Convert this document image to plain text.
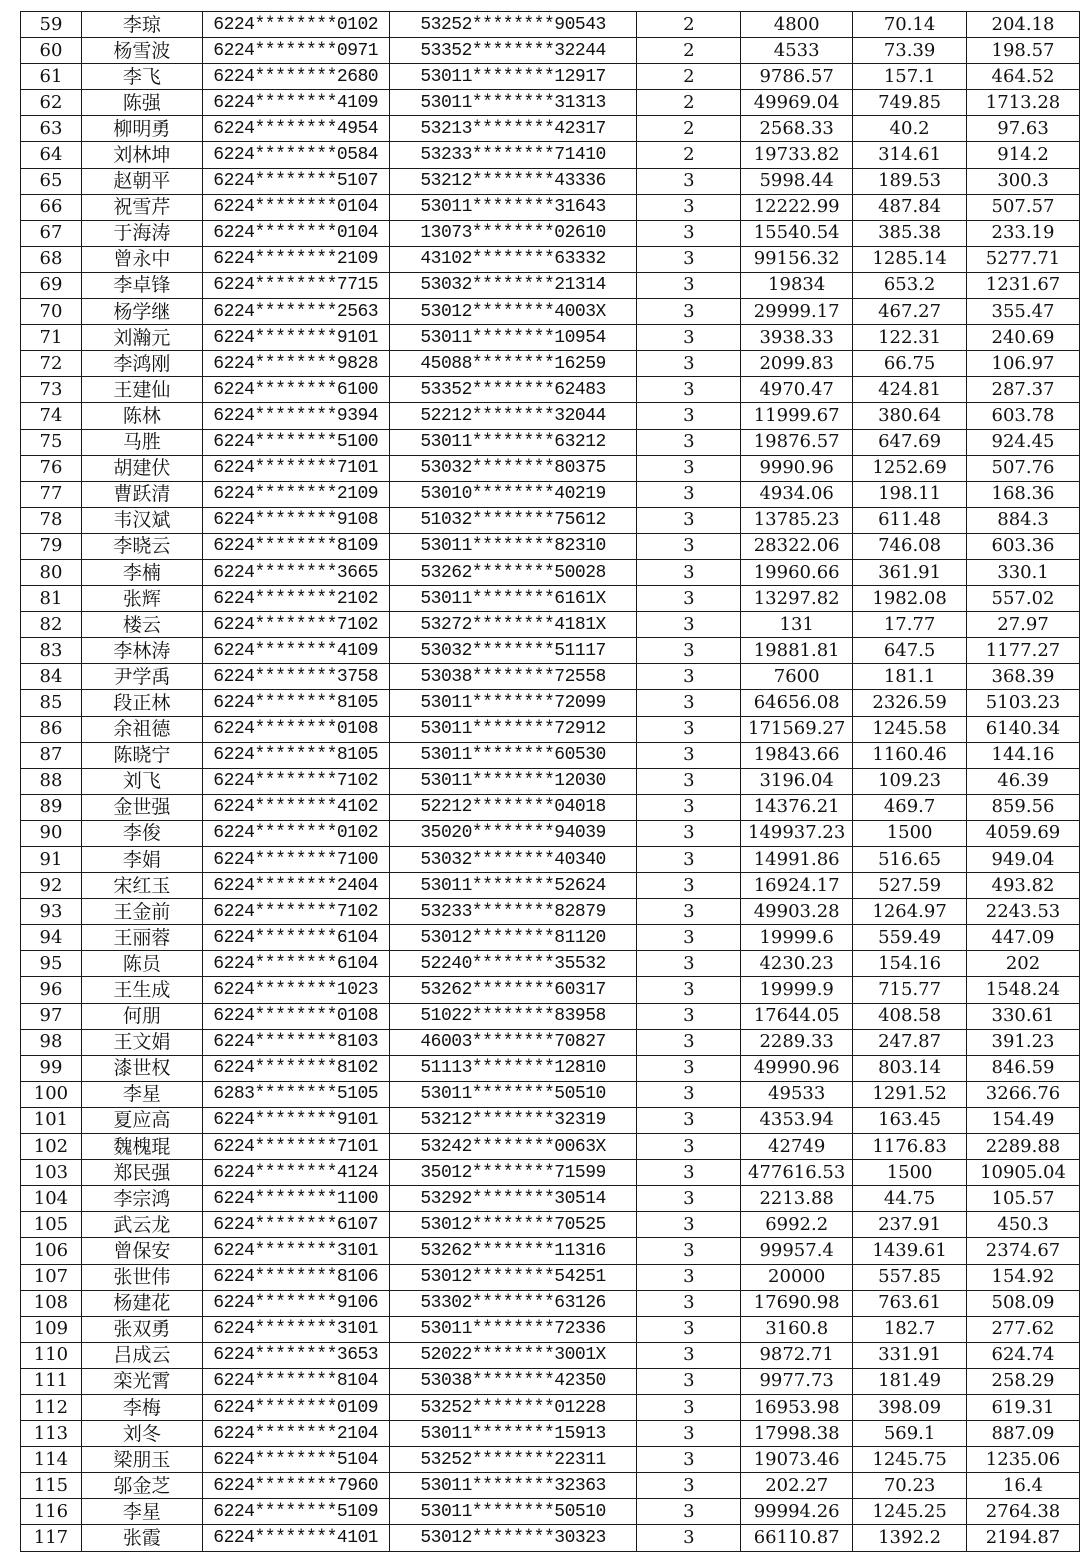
59	李琼	6224********0102	53252********90543	2	4800	70.14	204.18
60	杨雪波	6224********0971	53352********32244	2	4533	73.39	198.57
61	李飞	6224********2680	53011********12917	2	9786.57	157.1	464.52
62	陈强	6224********4109	53011********31313	2	49969.04	749.85	1713.28
63	柳明勇	6224********4954	53213********42317	2	2568.33	40.2	97.63
64	刘林坤	6224********0584	53233********71410	2	19733.82	314.61	914.2
65	赵朝平	6224********5107	53212********43336	3	5998.44	189.53	300.3
66	祝雪芹	6224********0104	53011********31643	3	12222.99	487.84	507.57
67	于海涛	6224********0104	13073********02610	3	15540.54	385.38	233.19
68	曾永中	6224********2109	43102********63332	3	99156.32	1285.14	5277.71
69	李卓锋	6224********7715	53032********21314	3	19834	653.2	1231.67
70	杨学继	6224********2563	53012********4003X	3	29999.17	467.27	355.47
71	刘瀚元	6224********9101	53011********10954	3	3938.33	122.31	240.69
72	李鸿刚	6224********9828	45088********16259	3	2099.83	66.75	106.97
73	王建仙	6224********6100	53352********62483	3	4970.47	424.81	287.37
74	陈林	6224********9394	52212********32044	3	11999.67	380.64	603.78
75	马胜	6224********5100	53011********63212	3	19876.57	647.69	924.45
76	胡建伏	6224********7101	53032********80375	3	9990.96	1252.69	507.76
77	曹跃清	6224********2109	53010********40219	3	4934.06	198.11	168.36
78	韦汉斌	6224********9108	51032********75612	3	13785.23	611.48	884.3
79	李晓云	6224********8109	53011********82310	3	28322.06	746.08	603.36
80	李楠	6224********3665	53262********50028	3	19960.66	361.91	330.1
81	张辉	6224********2102	53011********6161X	3	13297.82	1982.08	557.02
82	楼云	6224********7102	53272********4181X	3	131	17.77	27.97
83	李林涛	6224********4109	53032********51117	3	19881.81	647.5	1177.27
84	尹学禹	6224********3758	53038********72558	3	7600	181.1	368.39
85	段正林	6224********8105	53011********72099	3	64656.08	2326.59	5103.23
86	余祖德	6224********0108	53011********72912	3	171569.27	1245.58	6140.34
87	陈晓宁	6224********8105	53011********60530	3	19843.66	1160.46	144.16
88	刘飞	6224********7102	53011********12030	3	3196.04	109.23	46.39
89	金世强	6224********4102	52212********04018	3	14376.21	469.7	859.56
90	李俊	6224********0102	35020********94039	3	149937.23	1500	4059.69
91	李娟	6224********7100	53032********40340	3	14991.86	516.65	949.04
92	宋红玉	6224********2404	53011********52624	3	16924.17	527.59	493.82
93	王金前	6224********7102	53233********82879	3	49903.28	1264.97	2243.53
94	王丽蓉	6224********6104	53012********81120	3	19999.6	559.49	447.09
95	陈员	6224********6104	52240********35532	3	4230.23	154.16	202
96	王生成	6224********1023	53262********60317	3	19999.9	715.77	1548.24
97	何朋	6224********0108	51022********83958	3	17644.05	408.58	330.61
98	王文娟	6224********8103	46003********70827	3	2289.33	247.87	391.23
99	漆世权	6224********8102	51113********12810	3	49990.96	803.14	846.59
100	李星	6283********5105	53011********50510	3	49533	1291.52	3266.76
101	夏应高	6224********9101	53212********32319	3	4353.94	163.45	154.49
102	魏槐琨	6224********7101	53242********0063X	3	42749	1176.83	2289.88
103	郑民强	6224********4124	35012********71599	3	477616.53	1500	10905.04
104	李宗鸿	6224********1100	53292********30514	3	2213.88	44.75	105.57
105	武云龙	6224********6107	53012********70525	3	6992.2	237.91	450.3
106	曾保安	6224********3101	53262********11316	3	99957.4	1439.61	2374.67
107	张世伟	6224********8106	53012********54251	3	20000	557.85	154.92
108	杨建花	6224********9106	53302********63126	3	17690.98	763.61	508.09
109	张双勇	6224********3101	53011********72336	3	3160.8	182.7	277.62
110	吕成云	6224********3653	52022********3001X	3	9872.71	331.91	624.74
111	栾光霄	6224********8104	53038********42350	3	9977.73	181.49	258.29
112	李梅	6224********0109	53252********01228	3	16953.98	398.09	619.31
113	刘冬	6224********2104	53011********15913	3	17998.38	569.1	887.09
114	梁朋玉	6224********5104	53252********22311	3	19073.46	1245.75	1235.06
115	邬金芝	6224********7960	53011********32363	3	202.27	70.23	16.4
116	李星	6224********5109	53011********50510	3	99994.26	1245.25	2764.38
117	张霞	6224********4101	53012********30323	3	66110.87	1392.2	2194.87
